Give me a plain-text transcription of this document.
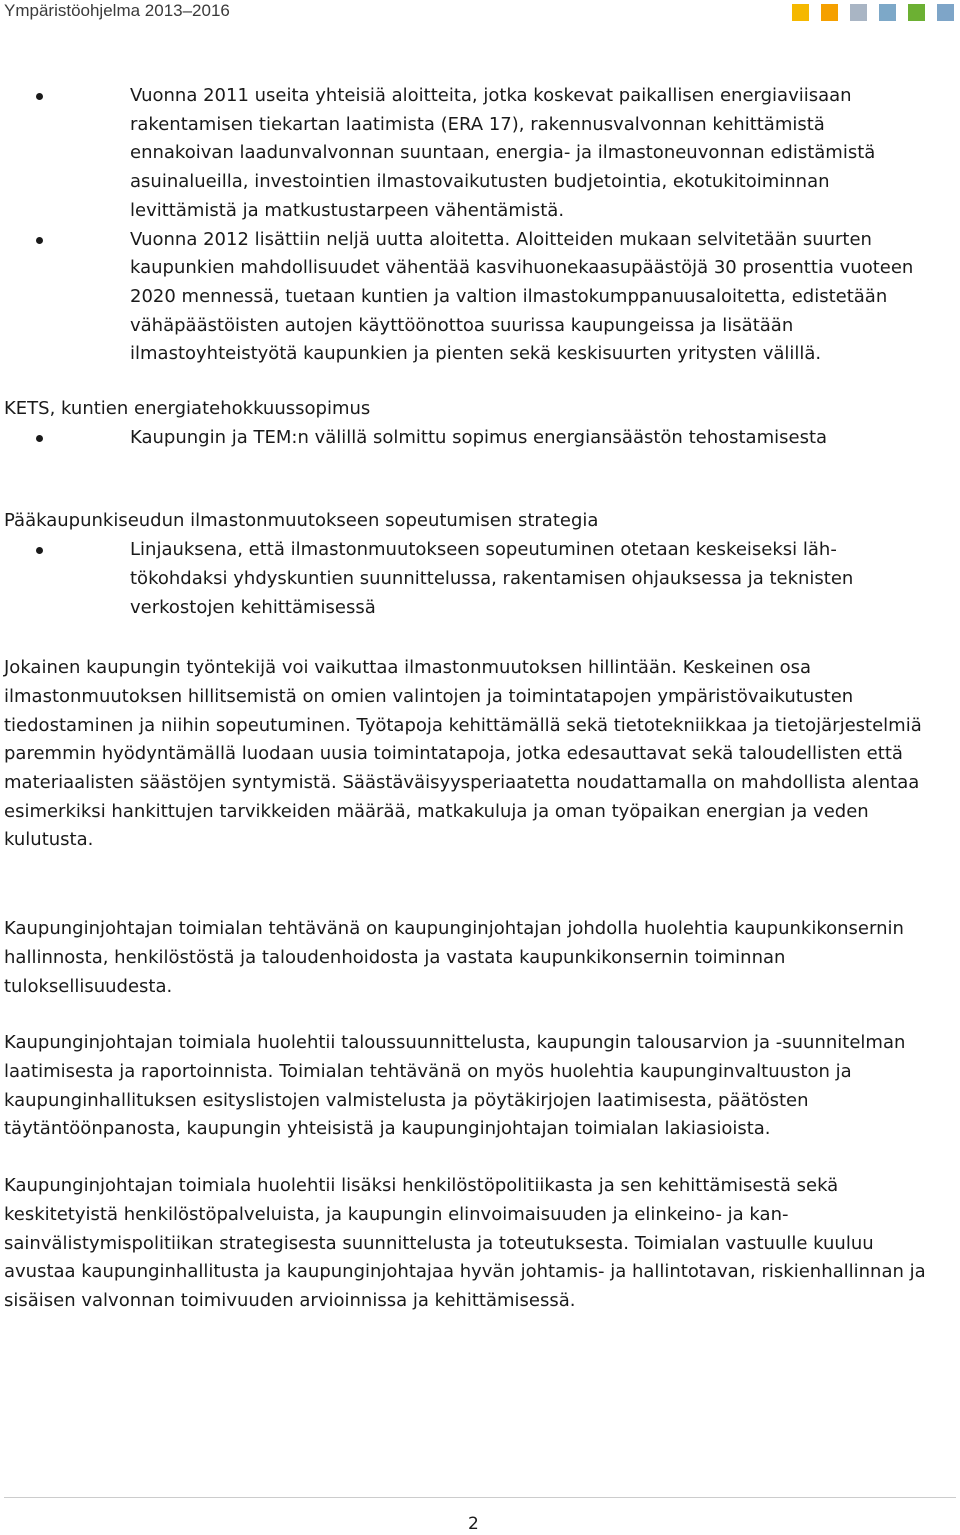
Ympäristöohjelma 2013–2016
Vuonna 2011 useita yhteisiä aloitteita, jotka koskevat paikallisen energiaviisaan rakentamisen tiekartan laatimista (ERA 17), rakennusvalvonnan kehittämistä ennakoivan laadunvalvonnan suuntaan, energia- ja ilmastoneuvonnan edistämistä asuinalueilla, investointien ilmastovaikutusten budjetointia, ekotukitoiminnan levittämistä ja matkustustarpeen vähentämistä.
Vuonna 2012 lisättiin neljä uutta aloitetta. Aloitteiden mukaan selvitetään suurten kaupunkien mahdollisuudet vähentää kasvihuonekaasupäästöjä 30 prosenttia vuoteen 2020 mennessä, tuetaan kuntien ja valtion ilmastokumppanuusaloitetta, edistetään vähäpäästöisten autojen käyttöönottoa suurissa kaupungeissa ja lisätään ilmastoyhteistyötä kaupunkien ja pienten sekä keskisuurten yritysten välillä.

KETS, kuntien energiatehokkuussopimus

Kaupungin ja TEM:n välillä solmittu sopimus energiansäästön tehostamisesta

Pääkaupunkiseudun ilmastonmuutokseen sopeutumisen strategia

Linjauksena, että ilmastonmuutokseen sopeutuminen otetaan keskeiseksi lähtökohdaksi yhdyskuntien suunnittelussa, rakentamisen ohjauksessa ja teknisten verkostojen kehittämisessä

Jokainen kaupungin työntekijä voi vaikuttaa ilmastonmuutoksen hillintään. Keskeinen osa ilmastonmuutoksen hillitsemistä on omien valintojen ja toimintatapojen ympäristövaikutusten tiedostaminen ja niihin sopeutuminen. Työtapoja kehittämällä sekä tietotekniikkaa ja tietojärjestelmiä paremmin hyödyntämällä luodaan uusia toimintatapoja, jotka edesauttavat sekä taloudellisten että materiaalisten säästöjen syntymistä. Säästäväisyysperiaatetta noudattamalla on mahdollista alentaa esimerkiksi hankittujen tarvikkeiden määrää, matkakuluja ja oman työpaikan energian ja veden kulutusta.

Kaupunginjohtajan toimialan tehtävänä on kaupunginjohtajan johdolla huolehtia kaupunkikonsernin hallinnosta, henkilöstöstä ja taloudenhoidosta ja vastata kaupunkikonsernin toiminnan tuloksellisuudesta.

Kaupunginjohtajan toimiala huolehtii taloussuunnittelusta, kaupungin talousarvion ja -suunnitelman laatimisesta ja raportoinnista. Toimialan tehtävänä on myös huolehtia kaupunginvaltuuston ja kaupunginhallituksen esityslistojen valmistelusta ja pöytäkirjojen laatimisesta, päätösten täytäntöönpanosta, kaupungin yhteisistä ja kaupunginjohtajan toimialan lakiasioista.

Kaupunginjohtajan toimiala huolehtii lisäksi henkilöstöpolitiikasta ja sen kehittämisestä sekä keskitetyistä henkilöstöpalveluista, ja kaupungin elinvoimaisuuden ja elinkeino- ja kansainvälistymispolitiikan strategisesta suunnittelusta ja toteutuksesta. Toimialan vastuulle kuuluu avustaa kaupunginhallitusta ja kaupunginjohtajaa hyvän johtamis- ja hallintotavan, riskienhallinnan ja sisäisen valvonnan toimivuuden arvioinnissa ja kehittämisessä.

2
